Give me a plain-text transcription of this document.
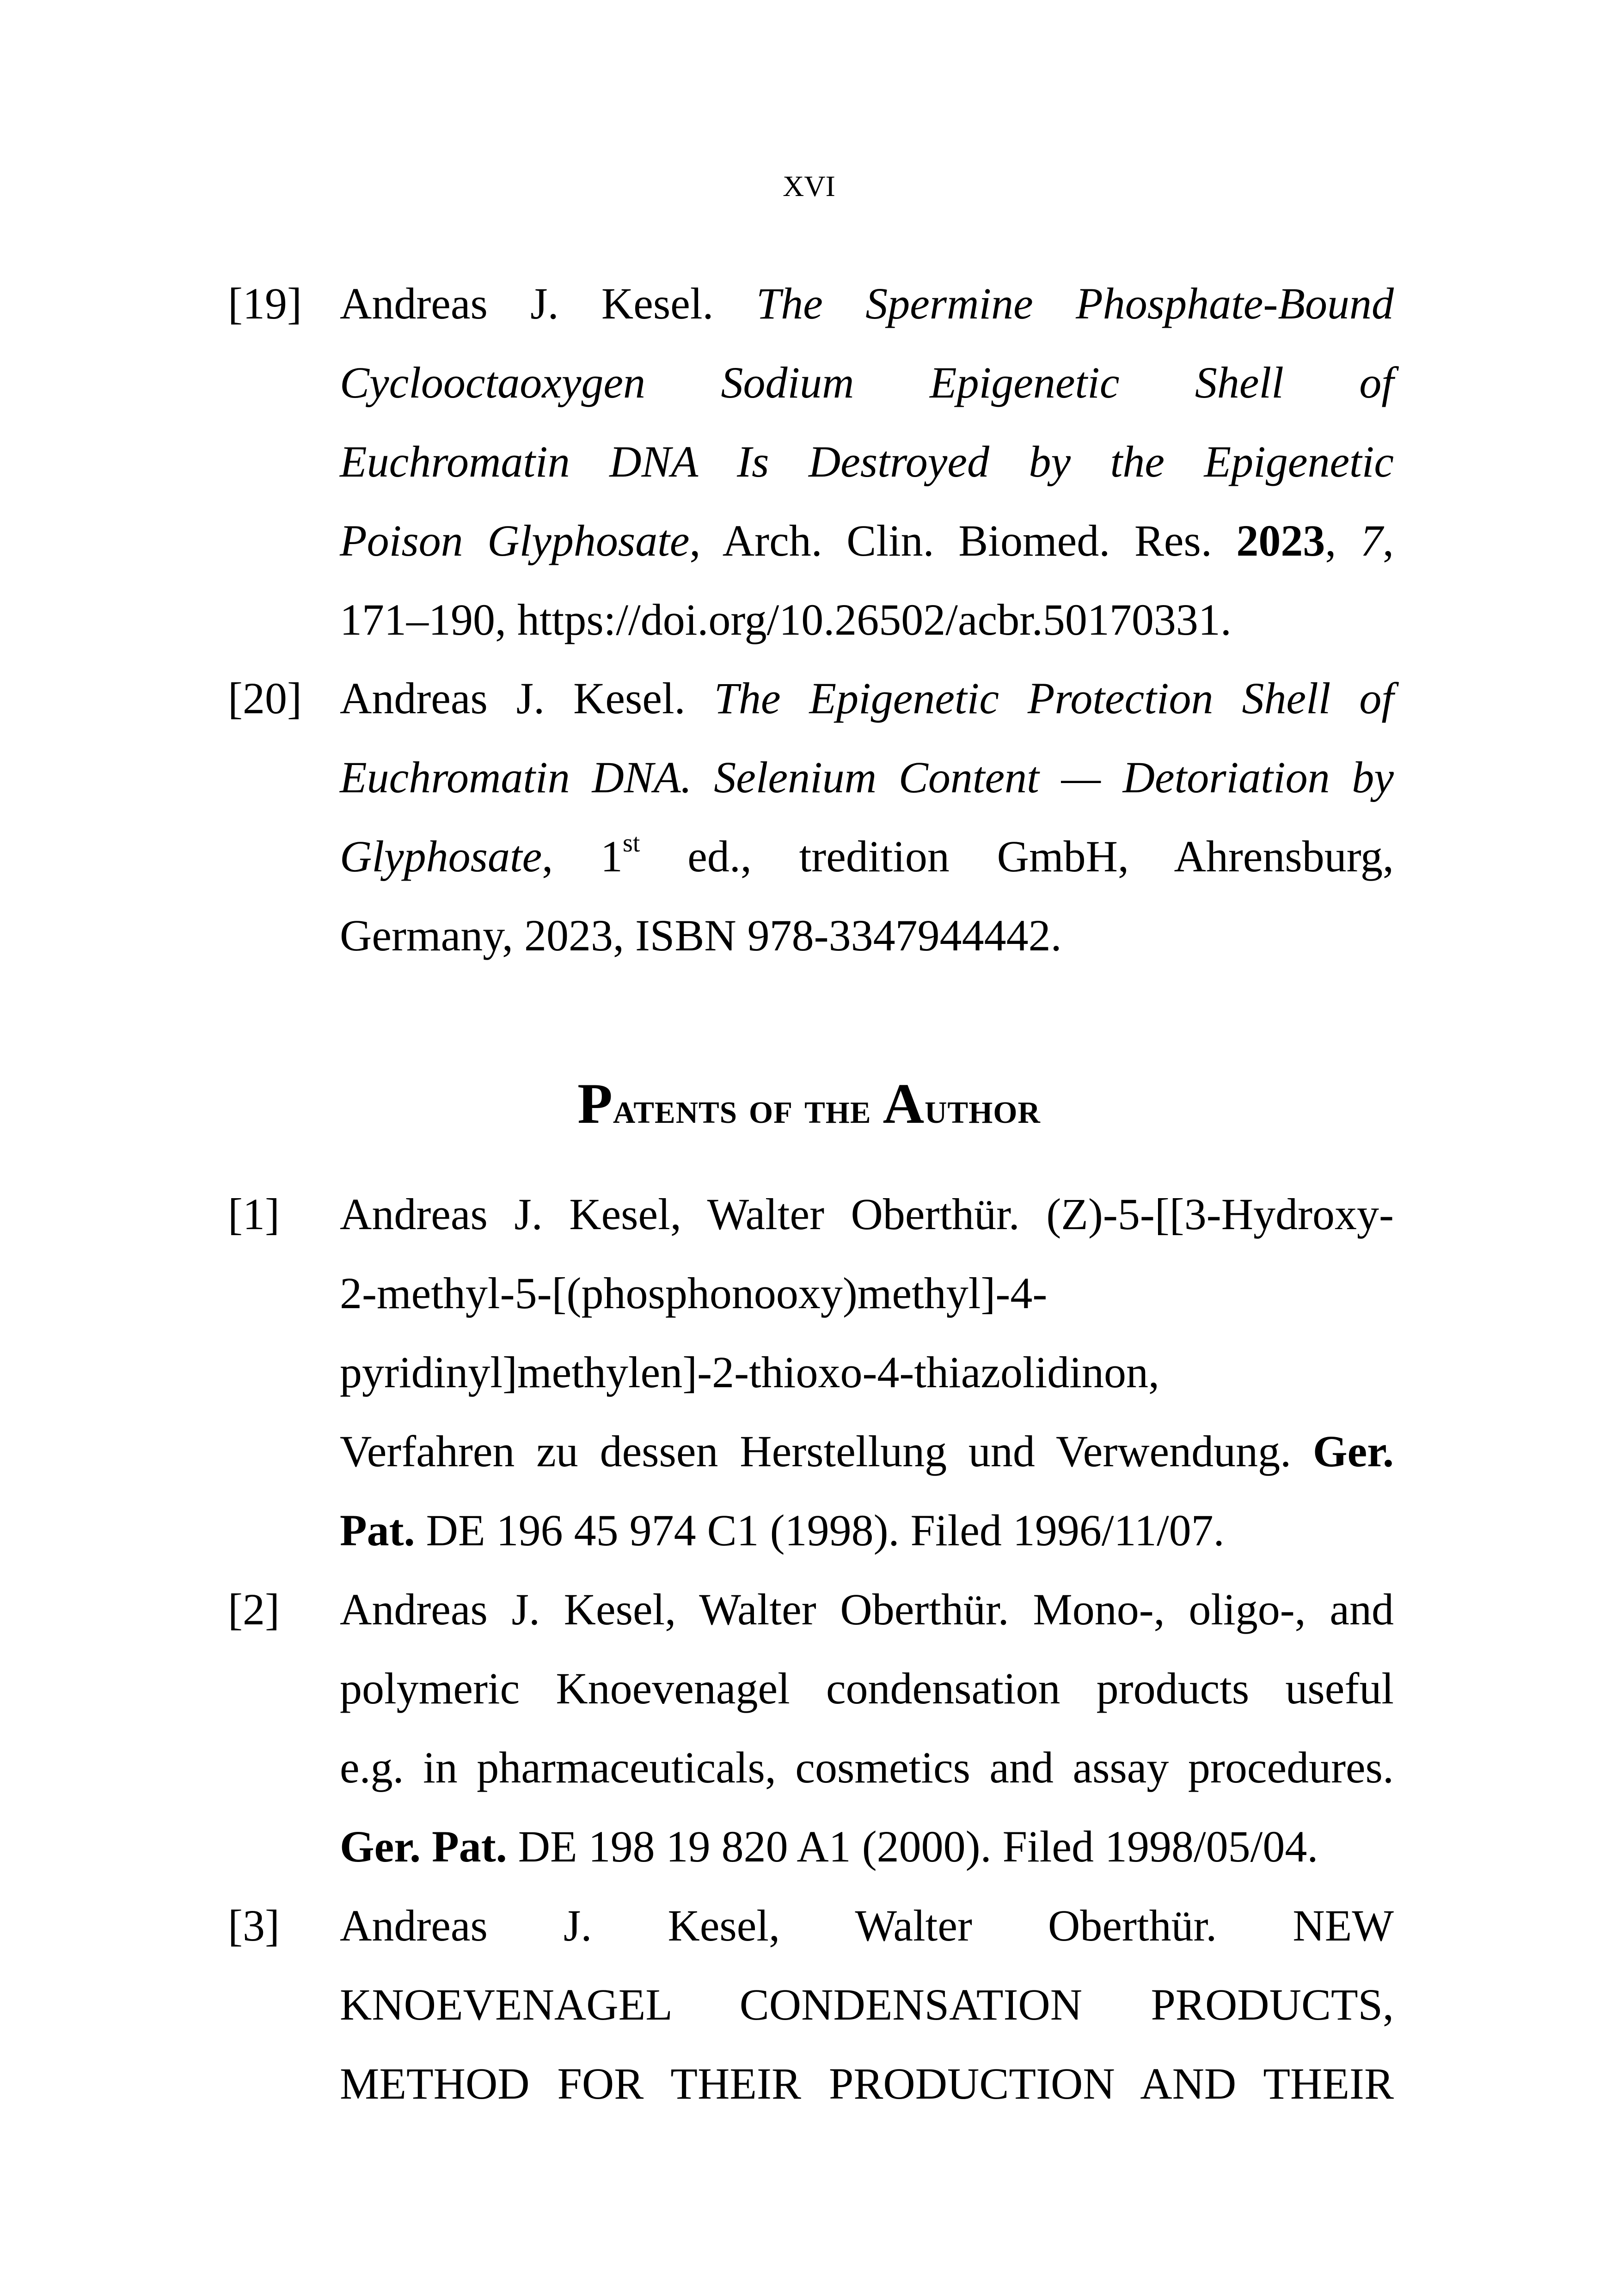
XVI
[19] Andreas J. Kesel. The Spermine Phosphate-Bound
Cyclooctaoxygen Sodium Epigenetic Shell of
Euchromatin DNA Is Destroyed by the Epigenetic
Poison Glyphosate, Arch. Clin. Biomed. Res. 2023, 7,
171–190, https://doi.org/10.26502/acbr.50170331.
[20] Andreas J. Kesel. The Epigenetic Protection Shell of
Euchromatin DNA. Selenium Content — Detoriation by
Glyphosate, 1st ed., tredition GmbH, Ahrensburg,
Germany, 2023, ISBN 978-3347944442.
Patents of the Author
[1] Andreas J. Kesel, Walter Oberthür. (Z)-5-[[3-Hydroxy-
2-methyl-5-[(phosphonooxy)methyl]-4-
pyridinyl]methylen]-2-thioxo-4-thiazolidinon,
Verfahren zu dessen Herstellung und Verwendung. Ger.
Pat. DE 196 45 974 C1 (1998). Filed 1996/11/07.
[2] Andreas J. Kesel, Walter Oberthür. Mono-, oligo-, and
polymeric Knoevenagel condensation products useful
e.g. in pharmaceuticals, cosmetics and assay procedures.
Ger. Pat. DE 198 19 820 A1 (2000). Filed 1998/05/04.
[3] Andreas J. Kesel, Walter Oberthür. NEW
KNOEVENAGEL CONDENSATION PRODUCTS,
METHOD FOR THEIR PRODUCTION AND THEIR
